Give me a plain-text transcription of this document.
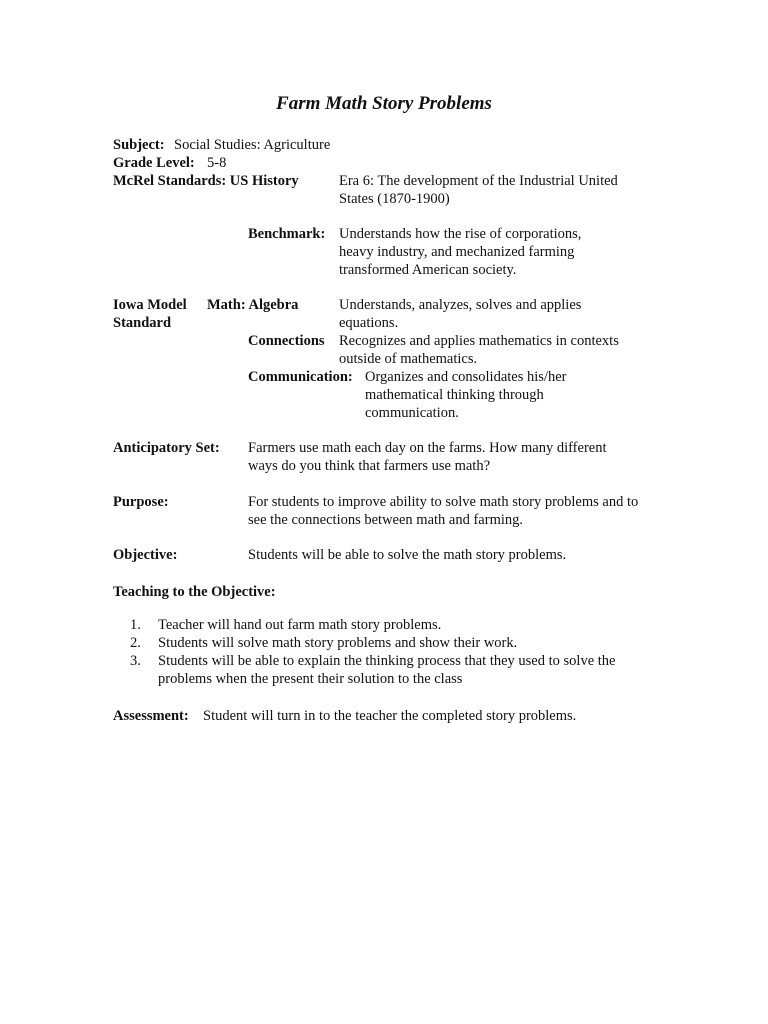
Farm Math Story Problems
Subject: Social Studies: Agriculture
Grade Level: 5-8
McRel Standards: US History	Era 6: The development of the Industrial United
States (1870-1900)
Benchmark: Understands how the rise of corporations,
heavy industry, and mechanized farming
transformed American society.
Iowa Model
Standard
Math: Algebra	Understands, analyzes, solves and applies
equations.
Connections Recognizes and applies mathematics in contexts
outside of mathematics.
Communication: Organizes and consolidates his/her
mathematical thinking through
communication.
Anticipatory Set: Farmers use math each day on the farms. How many different
ways do you think that farmers use math?
Purpose:	For students to improve ability to solve math story problems and to
see the connections between math and farming.
Objective:	Students will be able to solve the math story problems.
Teaching to the Objective:
1. Teacher will hand out farm math story problems.
2. Students will solve math story problems and show their work.
3. Students will be able to explain the thinking process that they used to solve the
problems when the present their solution to the class
Assessment: Student will turn in to the teacher the completed story problems.
